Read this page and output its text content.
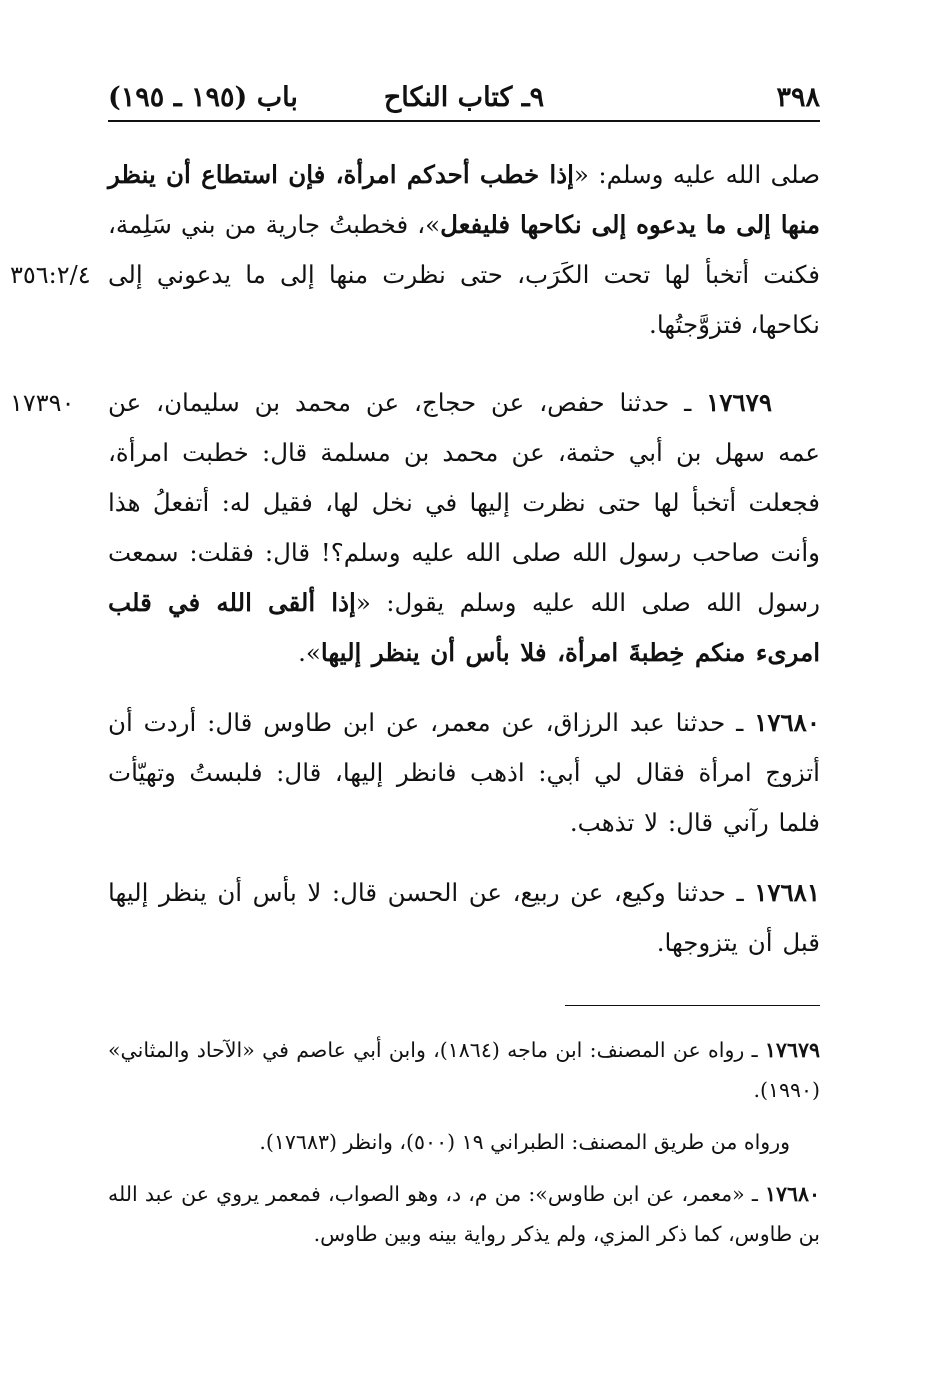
٣٩٨
٩ـ كتاب النكاح
باب (١٩٥ ـ ١٩٥)
صلى الله عليه وسلم: «إذا خطب أحدكم امرأة، فإن استطاع أن ينظر منها إلى ما يدعوه إلى نكاحها فليفعل»، فخطبتُ جارية من بني سَلِمة، فكنت أتخبأ لها تحت الكَرَب، حتى نظرت منها إلى ما يدعوني إلى نكاحها، فتزوَّجتُها.
٣٥٦:٢/٤
١٧٦٧٩ ـ حدثنا حفص، عن حجاج، عن محمد بن سليمان، عن عمه سهل بن أبي حثمة، عن محمد بن مسلمة قال: خطبت امرأة، فجعلت أتخبأ لها حتى نظرت إليها في نخل لها، فقيل له: أتفعلُ هذا وأنت صاحب رسول الله صلى الله عليه وسلم؟! قال: فقلت: سمعت رسول الله صلى الله عليه وسلم يقول: «إذا ألقى الله في قلب امرىء منكم خِطبةَ امرأة، فلا بأس أن ينظر إليها».
١٧٣٩٠
١٧٦٨٠ ـ حدثنا عبد الرزاق، عن معمر، عن ابن طاوس قال: أردت أن أتزوج امرأة فقال لي أبي: اذهب فانظر إليها، قال: فلبستُ وتهيّأت فلما رآني قال: لا تذهب.
١٧٦٨١ ـ حدثنا وكيع، عن ربيع، عن الحسن قال: لا بأس أن ينظر إليها قبل أن يتزوجها.
١٧٦٧٩ ـ رواه عن المصنف: ابن ماجه (١٨٦٤)، وابن أبي عاصم في «الآحاد والمثاني» (١٩٩٠).
ورواه من طريق المصنف: الطبراني ١٩ (٥٠٠)، وانظر (١٧٦٨٣).
١٧٦٨٠ ـ «معمر، عن ابن طاوس»: من م، د، وهو الصواب، فمعمر يروي عن عبد الله بن طاوس، كما ذكر المزي، ولم يذكر رواية بينه وبين طاوس.
